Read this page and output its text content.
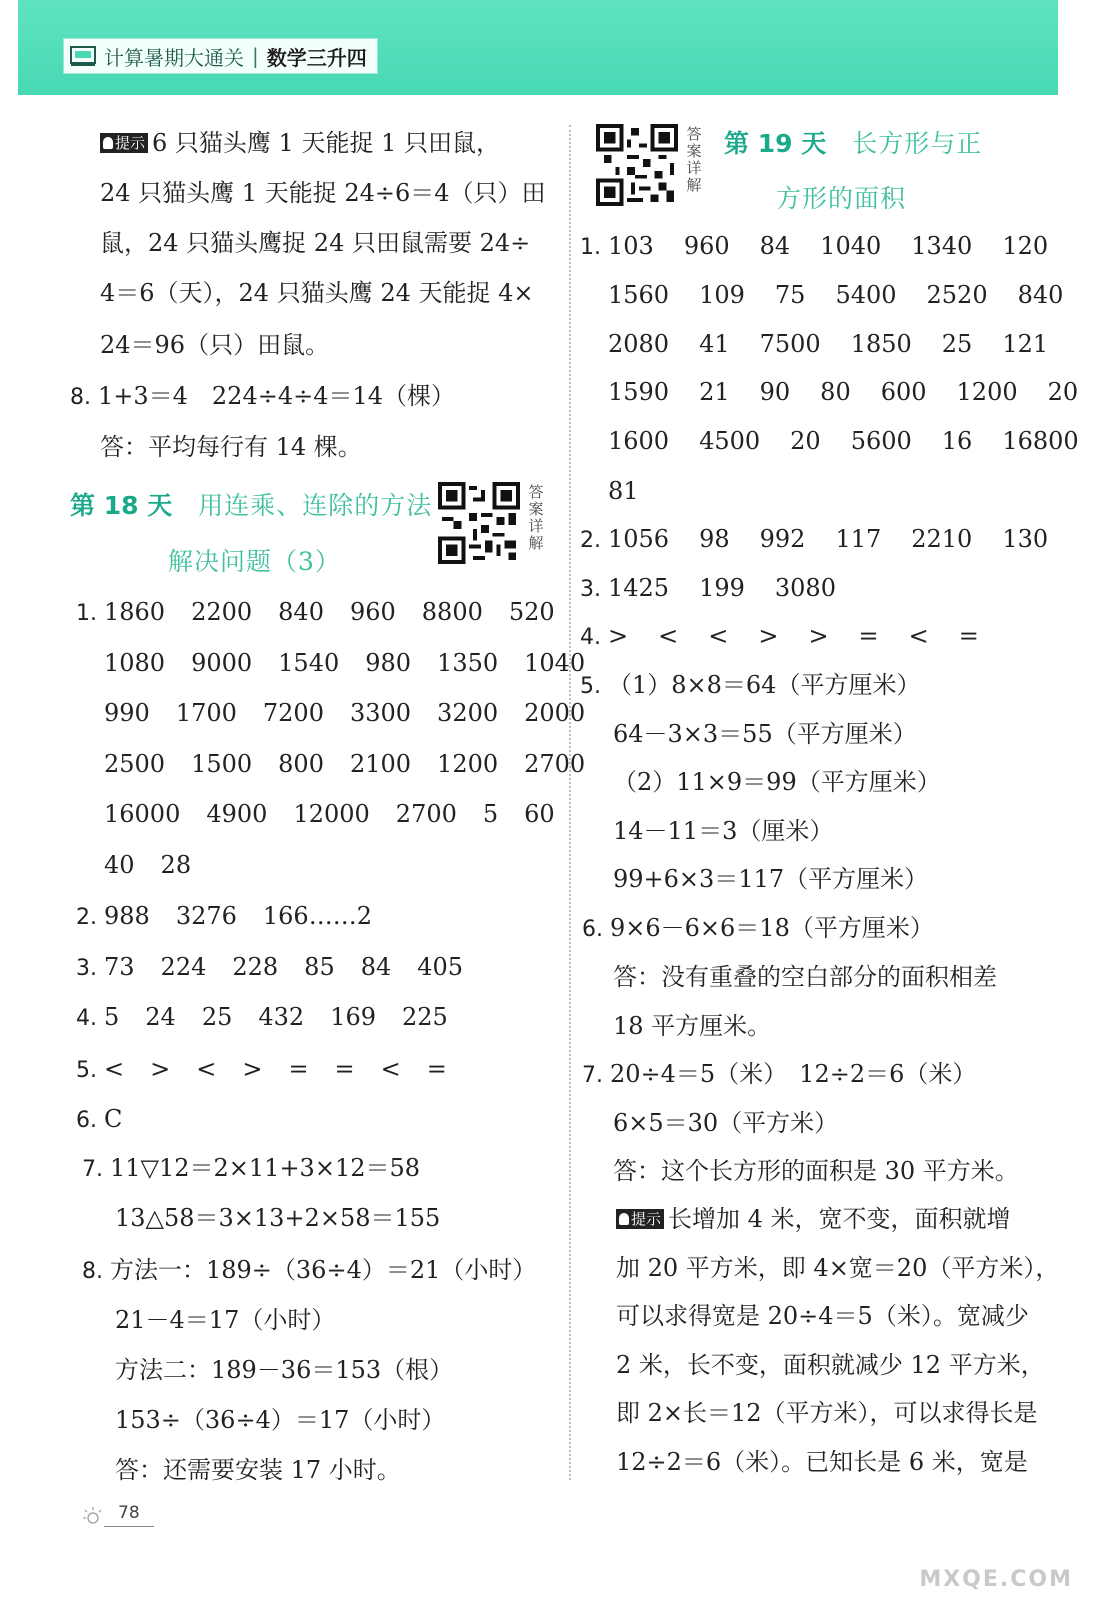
计算暑期大通关 | 数学三升四
提示 6 只猫头鹰 1 天能捉 1 只田鼠，
24 只猫头鹰 1 天能捉 24÷6＝4（只）田
鼠，24 只猫头鹰捉 24 只田鼠需要 24÷
4＝6（天），24 只猫头鹰 24 天能捉 4×
24＝96（只）田鼠。
8. 1+3＝4　224÷4÷4＝14（棵）
答：平均每行有 14 棵。
第 18 天 用连乘、连除的方法
解决问题（3）
答
案
详
解
1. 1860 2200 840 960 8800 520
1080 9000 1540 980 1350 1040
990 1700 7200 3300 3200 2000
2500 1500 800 2100 1200 2700
16000 4900 12000 2700 5 60
40 28
2. 988 3276 166……2
3. 73 224 228 85 84 405
4. 5 24 25 432 169 225
5. < > < > = = < =
6. C
7. 11▽12＝2×11+3×12＝58
13△58＝3×13+2×58＝155
8. 方法一：189÷（36÷4）＝21（小时）
21－4＝17（小时）
方法二：189－36＝153（根）
153÷（36÷4）＝17（小时）
答：还需要安装 17 小时。
答
案
详
解
第 19 天 长方形与正
方形的面积
1. 103 960 84 1040 1340 120
1560 109 75 5400 2520 840
2080 41 7500 1850 25 121
1590 21 90 80 600 1200 20
1600 4500 20 5600 16 16800
81
2. 1056 98 992 117 2210 130
3. 1425 199 3080
4. > < < > > = < =
5. （1）8×8＝64（平方厘米）
64－3×3＝55（平方厘米）
（2）11×9＝99（平方厘米）
14－11＝3（厘米）
99+6×3＝117（平方厘米）
6. 9×6－6×6＝18（平方厘米）
答：没有重叠的空白部分的面积相差
18 平方厘米。
7. 20÷4＝5（米）　12÷2＝6（米）
6×5＝30（平方米）
答：这个长方形的面积是 30 平方米。
提示 长增加 4 米，宽不变，面积就增
加 20 平方米，即 4×宽＝20（平方米），
可以求得宽是 20÷4＝5（米）。宽减少
2 米，长不变，面积就减少 12 平方米，
即 2×长＝12（平方米），可以求得长是
12÷2＝6（米）。已知长是 6 米，宽是
78
MXQE.COM
